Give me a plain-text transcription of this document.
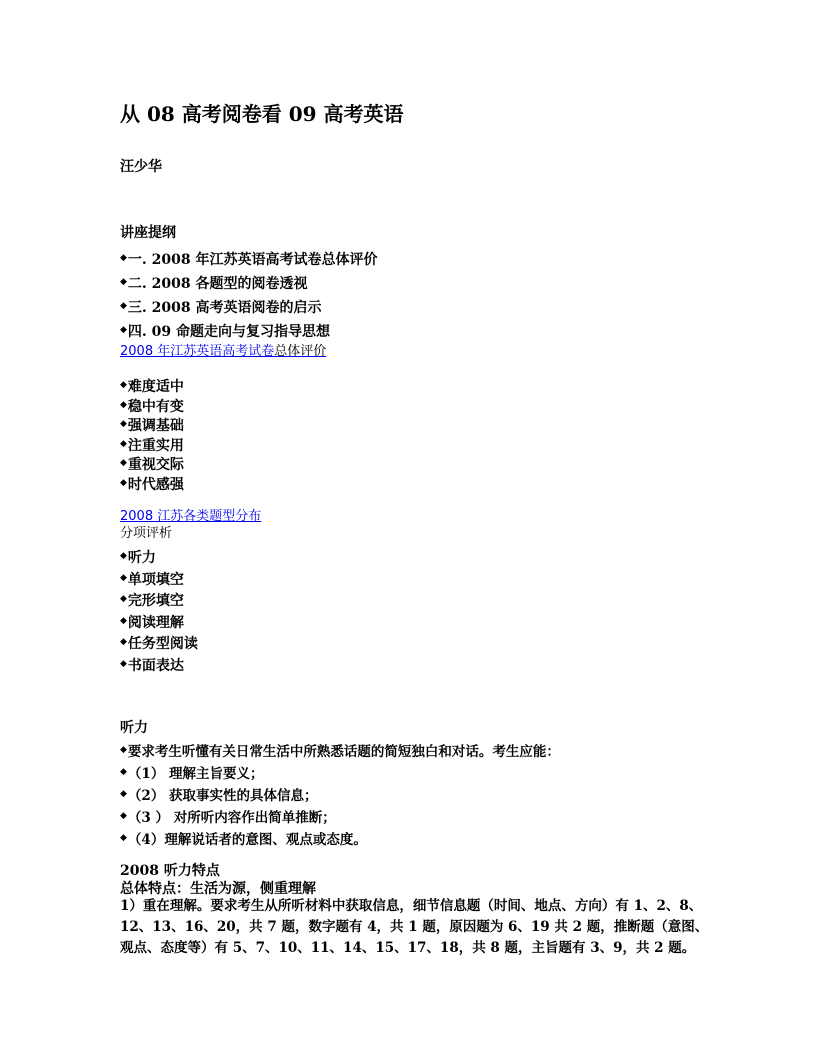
从 08 高考阅卷看 09 高考英语
汪少华
讲座提纲
◆一. 2008 年江苏英语高考试卷总体评价
◆二. 2008 各题型的阅卷透视
◆三. 2008 高考英语阅卷的启示
◆四. 09 命题走向与复习指导思想
2008 年江苏英语高考试卷总体评价
◆难度适中
◆稳中有变
◆强调基础
◆注重实用
◆重视交际
◆时代感强
2008 江苏各类题型分布
分项评析
◆听力
◆单项填空
◆完形填空
◆阅读理解
◆任务型阅读
◆书面表达
听力
◆要求考生听懂有关日常生活中所熟悉话题的简短独白和对话。考生应能：
◆（1） 理解主旨要义；
◆（2） 获取事实性的具体信息；
◆（3 ） 对所听内容作出简单推断；
◆（4）理解说话者的意图、观点或态度。
2008 听力特点
总体特点：生活为源，侧重理解
1）重在理解。要求考生从所听材料中获取信息，细节信息题（时间、地点、方向）有 1、2、8、12、13、16、20，共 7 题，数字题有 4，共 1 题，原因题为 6、19 共 2 题，推断题（意图、观点、态度等）有 5、7、10、11、14、15、17、18，共 8 题，主旨题有 3、9，共 2 题。
